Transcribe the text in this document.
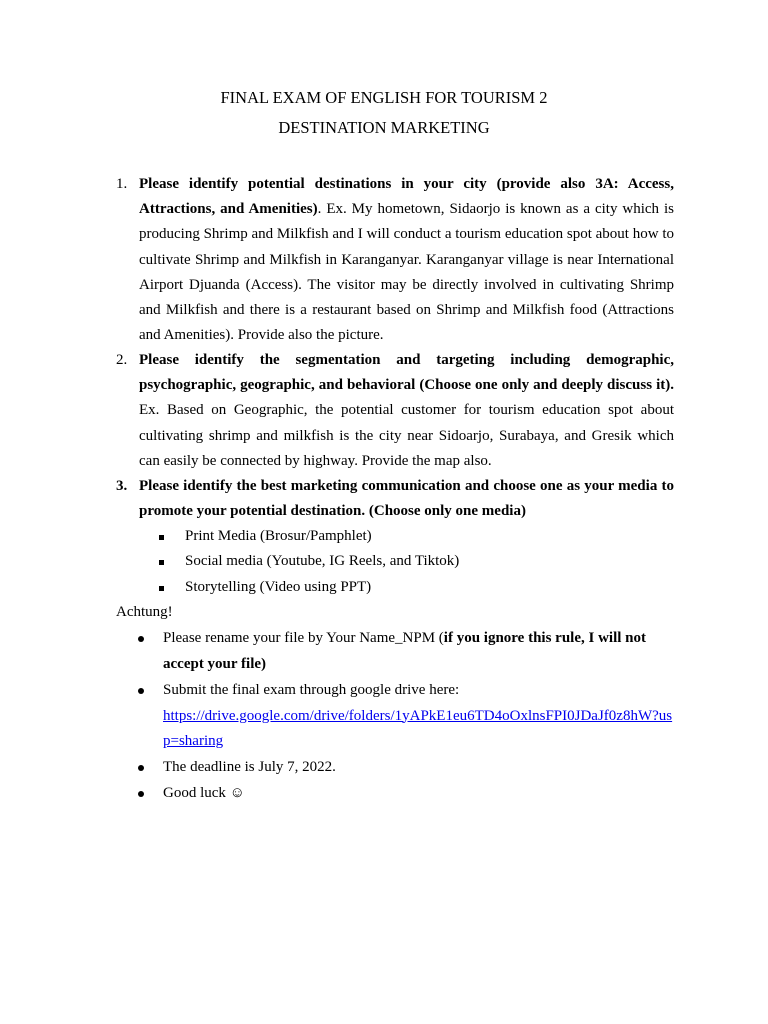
FINAL EXAM OF ENGLISH FOR TOURISM 2
DESTINATION MARKETING
1. Please identify potential destinations in your city (provide also 3A: Access, Attractions, and Amenities). Ex. My hometown, Sidaorjo is known as a city which is producing Shrimp and Milkfish and I will conduct a tourism education spot about how to cultivate Shrimp and Milkfish in Karanganyar. Karanganyar village is near International Airport Djuanda (Access). The visitor may be directly involved in cultivating Shrimp and Milkfish and there is a restaurant based on Shrimp and Milkfish food (Attractions and Amenities). Provide also the picture.
2. Please identify the segmentation and targeting including demographic, psychographic, geographic, and behavioral (Choose one only and deeply discuss it). Ex. Based on Geographic, the potential customer for tourism education spot about cultivating shrimp and milkfish is the city near Sidoarjo, Surabaya, and Gresik which can easily be connected by highway. Provide the map also.
3. Please identify the best marketing communication and choose one as your media to promote your potential destination. (Choose only one media)
Print Media (Brosur/Pamphlet)
Social media (Youtube, IG Reels, and Tiktok)
Storytelling (Video using PPT)
Achtung!
Please rename your file by Your Name_NPM (if you ignore this rule, I will not accept your file)
Submit the final exam through google drive here:
https://drive.google.com/drive/folders/1yAPkE1eu6TD4oOxlnsFPI0JDaJf0z8hW?usp=sharing
The deadline is July 7, 2022.
Good luck ☺
